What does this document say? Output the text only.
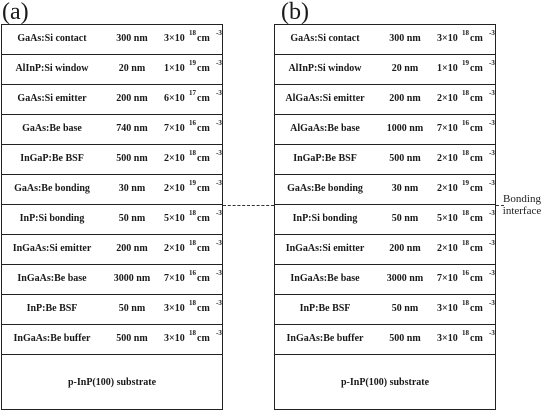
(a)	(b)
GaAs:Si contact	300 nm	3×10 18 cm -3
AlInP:Si window	20 nm	1×10 19 cm -3
GaAs:Si emitter	200 nm	6×10 17 cm -3
GaAs:Be base	740 nm	7×10 16 cm -3
InGaP:Be BSF	500 nm	2×10 18 cm -3
GaAs:Be bonding	30 nm	2×10 19 cm -3
InP:Si bonding	50 nm	5×10 18 cm -3
InGaAs:Si emitter	200 nm	2×10 18 cm -3
InGaAs:Be base	3000 nm	7×10 16 cm -3
InP:Be BSF	50 nm	3×10 18 cm -3
InGaAs:Be buffer	500 nm	3×10 18 cm -3
p-InP(100) substrate
GaAs:Si contact	300 nm	3×10 18 cm -3
AlInP:Si window	20 nm	1×10 19 cm -3
AlGaAs:Si emitter	200 nm	2×10 18 cm -3
AlGaAs:Be base	1000 nm	7×10 16 cm -3
InGaP:Be BSF	500 nm	2×10 18 cm -3
GaAs:Be bonding	30 nm	2×10 19 cm -3
InP:Si bonding	50 nm	5×10 18 cm -3
InGaAs:Si emitter	200 nm	2×10 18 cm -3
InGaAs:Be base	3000 nm	7×10 16 cm -3
InP:Be BSF	50 nm	3×10 18 cm -3
InGaAs:Be buffer	500 nm	3×10 18 cm -3
p-InP(100) substrate
Bonding
interface
